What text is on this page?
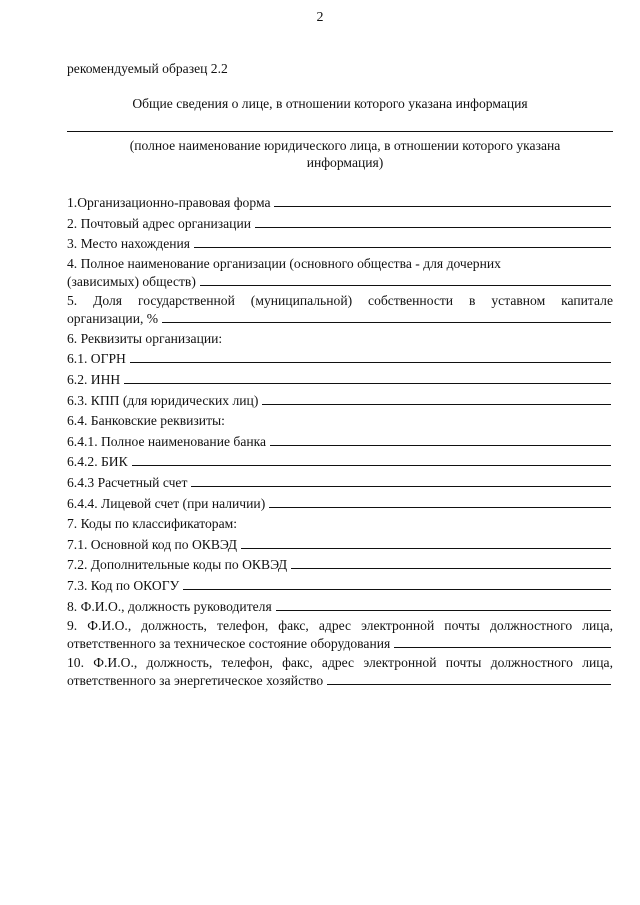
2
рекомендуемый образец 2.2
Общие сведения о лице, в отношении которого указана информация
(полное наименование юридического лица, в отношении которого указана информация)
1.Организационно-правовая форма
2. Почтовый адрес организации
3. Место нахождения
4. Полное наименование организации (основного общества - для дочерних
(зависимых) обществ)
5. Доля государственной (муниципальной) собственности в уставном капитале
организации, %
6. Реквизиты организации:
6.1. ОГРН
6.2. ИНН
6.3. КПП (для юридических лиц)
6.4. Банковские реквизиты:
6.4.1. Полное наименование банка
6.4.2. БИК
6.4.3 Расчетный счет
6.4.4. Лицевой счет (при наличии)
7. Коды по классификаторам:
7.1. Основной код по ОКВЭД
7.2. Дополнительные коды по ОКВЭД
7.3. Код по ОКОГУ
8. Ф.И.О., должность руководителя
9. Ф.И.О., должность, телефон, факс, адрес электронной почты должностного лица,
ответственного за техническое состояние оборудования
10. Ф.И.О., должность, телефон, факс, адрес электронной почты должностного лица,
ответственного за энергетическое хозяйство
